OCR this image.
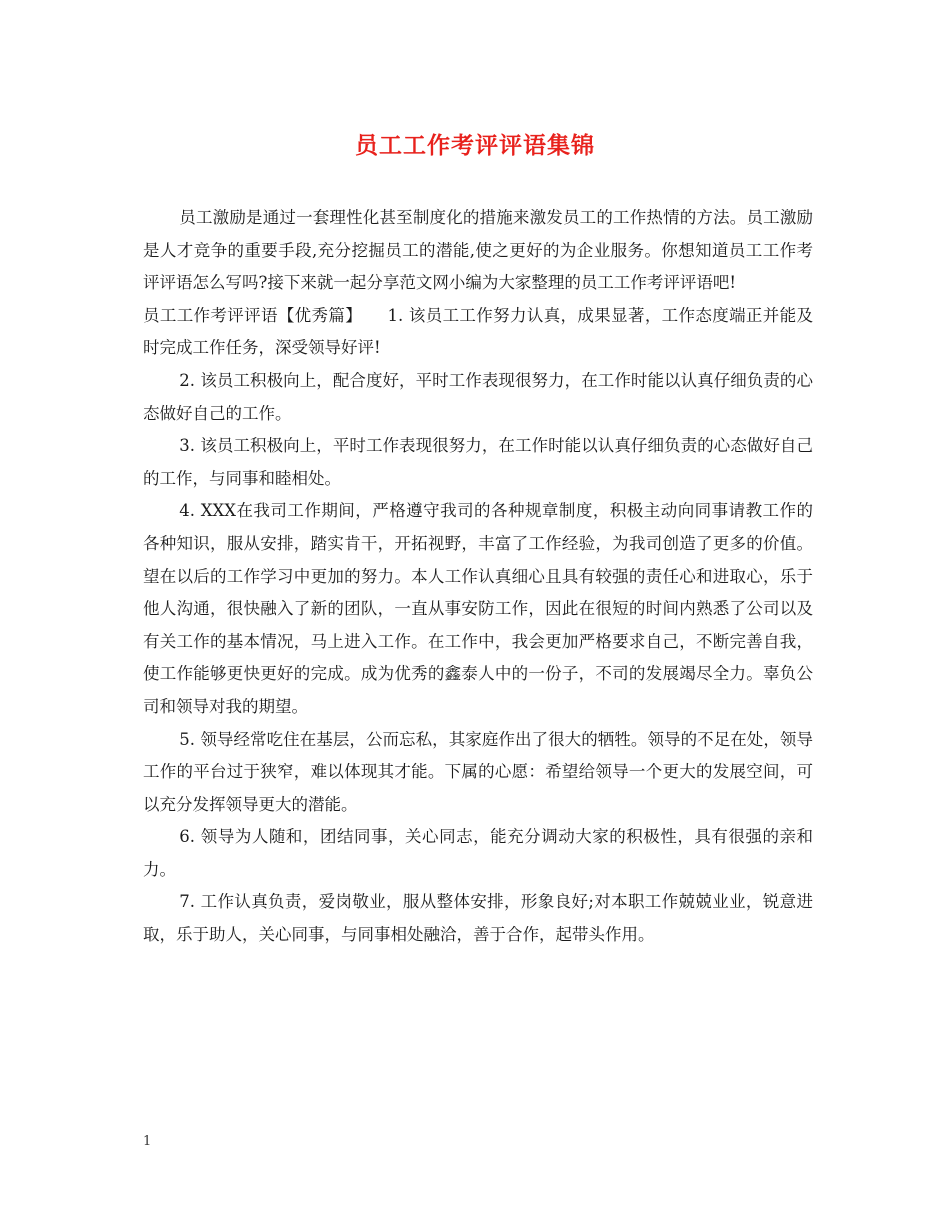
员工工作考评评语集锦

员工激励是通过一套理性化甚至制度化的措施来激发员工的工作热情的方法。员工激励是人才竞争的重要手段,充分挖掘员工的潜能,使之更好的为企业服务。你想知道员工工作考评评语怎么写吗?接下来就一起分享范文网小编为大家整理的员工工作考评评语吧!

员工工作考评评语【优秀篇】　　1. 该员工工作努力认真，成果显著，工作态度端正并能及时完成工作任务，深受领导好评!

2. 该员工积极向上，配合度好，平时工作表现很努力，在工作时能以认真仔细负责的心态做好自己的工作。

3. 该员工积极向上，平时工作表现很努力，在工作时能以认真仔细负责的心态做好自己的工作，与同事和睦相处。

4. XXX在我司工作期间，严格遵守我司的各种规章制度，积极主动向同事请教工作的各种知识，服从安排，踏实肯干，开拓视野，丰富了工作经验，为我司创造了更多的价值。望在以后的工作学习中更加的努力。本人工作认真细心且具有较强的责任心和进取心，乐于他人沟通，很快融入了新的团队，一直从事安防工作，因此在很短的时间内熟悉了公司以及有关工作的基本情况，马上进入工作。在工作中，我会更加严格要求自己，不断完善自我，使工作能够更快更好的完成。成为优秀的鑫泰人中的一份子，不司的发展竭尽全力。辜负公司和领导对我的期望。

5. 领导经常吃住在基层，公而忘私，其家庭作出了很大的牺牲。领导的不足在处，领导工作的平台过于狭窄，难以体现其才能。下属的心愿：希望给领导一个更大的发展空间，可以充分发挥领导更大的潜能。

6. 领导为人随和，团结同事，关心同志，能充分调动大家的积极性，具有很强的亲和力。

7. 工作认真负责，爱岗敬业，服从整体安排，形象良好;对本职工作兢兢业业，锐意进取，乐于助人，关心同事，与同事相处融洽，善于合作，起带头作用。

1
